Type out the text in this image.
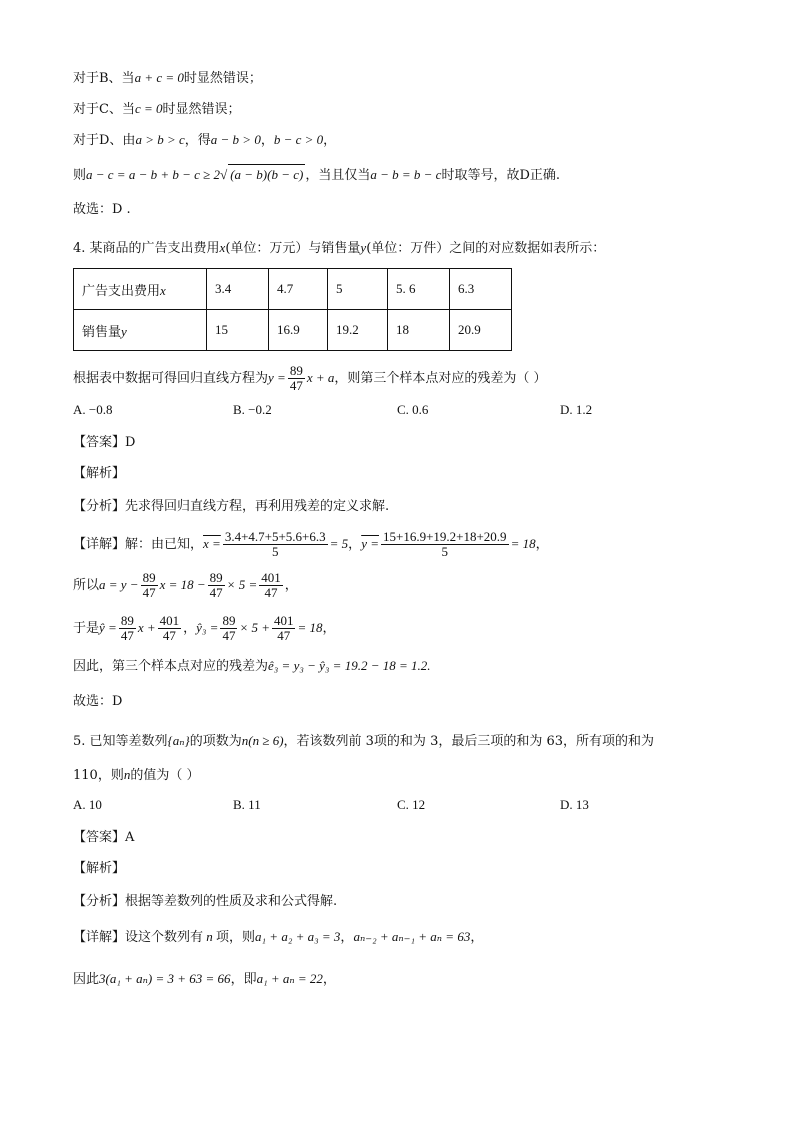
对于B、当a + c = 0时显然错误；
对于C、当c = 0时显然错误；
对于D、由a > b > c，得a − b > 0，b − c > 0，
则a − c = a − b + b − c ≥ 2√ (a − b)(b − c) ，当且仅当a − b = b − c时取等号，故D正确.
故选：D .
4. 某商品的广告支出费用x(单位：万元）与销售量y(单位：万件）之间的对应数据如表所示：
广告支出费用x	3.4	4.7	5	5. 6	6.3
销售量y	15	16.9	19.2	18	20.9
根据表中数据可得回归直线方程为$y = \frac{89}{47}$ x + a，则第三个样本点对应的残差为（ ）
A. −0.8	B. −0.2	C. 0.6	D. 1.2
【答案】D
【解析】
【分析】先求得回归直线方程，再利用残差的定义求解.
【详解】解：由已知，$x = \frac{3.4+4.7+5+5.6+6.3}{5} = 5$，$y = \frac{15+16.9+19.2+18+20.9}{5} = 18$，
所以$a = y - \frac{89}{47}$ $x = 18 - \frac{89}{47} \times 5 = \frac{401}{47}$ ，
于是ŷ = $\frac{89}{47}$ $x + \frac{401}{47}$ ，ŷ₃ = $\frac{89}{47} \times 5 + \frac{401}{47} = 18$，
因此，第三个样本点对应的残差为ê₃ = y₃ − ŷ₃ = 19.2 − 18 = 1.2.
故选：D
5. 已知等差数列{aₙ}的项数为n(n ≥ 6)，若该数列前 3项的和为 3，最后三项的和为 63，所有项的和为
110，则n的值为（ ）
A. 10	B. 11	C. 12	D. 13
【答案】A
【解析】
【分析】根据等差数列的性质及求和公式得解.
【详解】设这个数列有 n 项，则a₁ + a₂ + a₃ = 3，aₙ₋₂ + aₙ₋₁ + aₙ = 63，
因此3(a₁ + aₙ) = 3 + 63 = 66，即a₁ + aₙ = 22，
